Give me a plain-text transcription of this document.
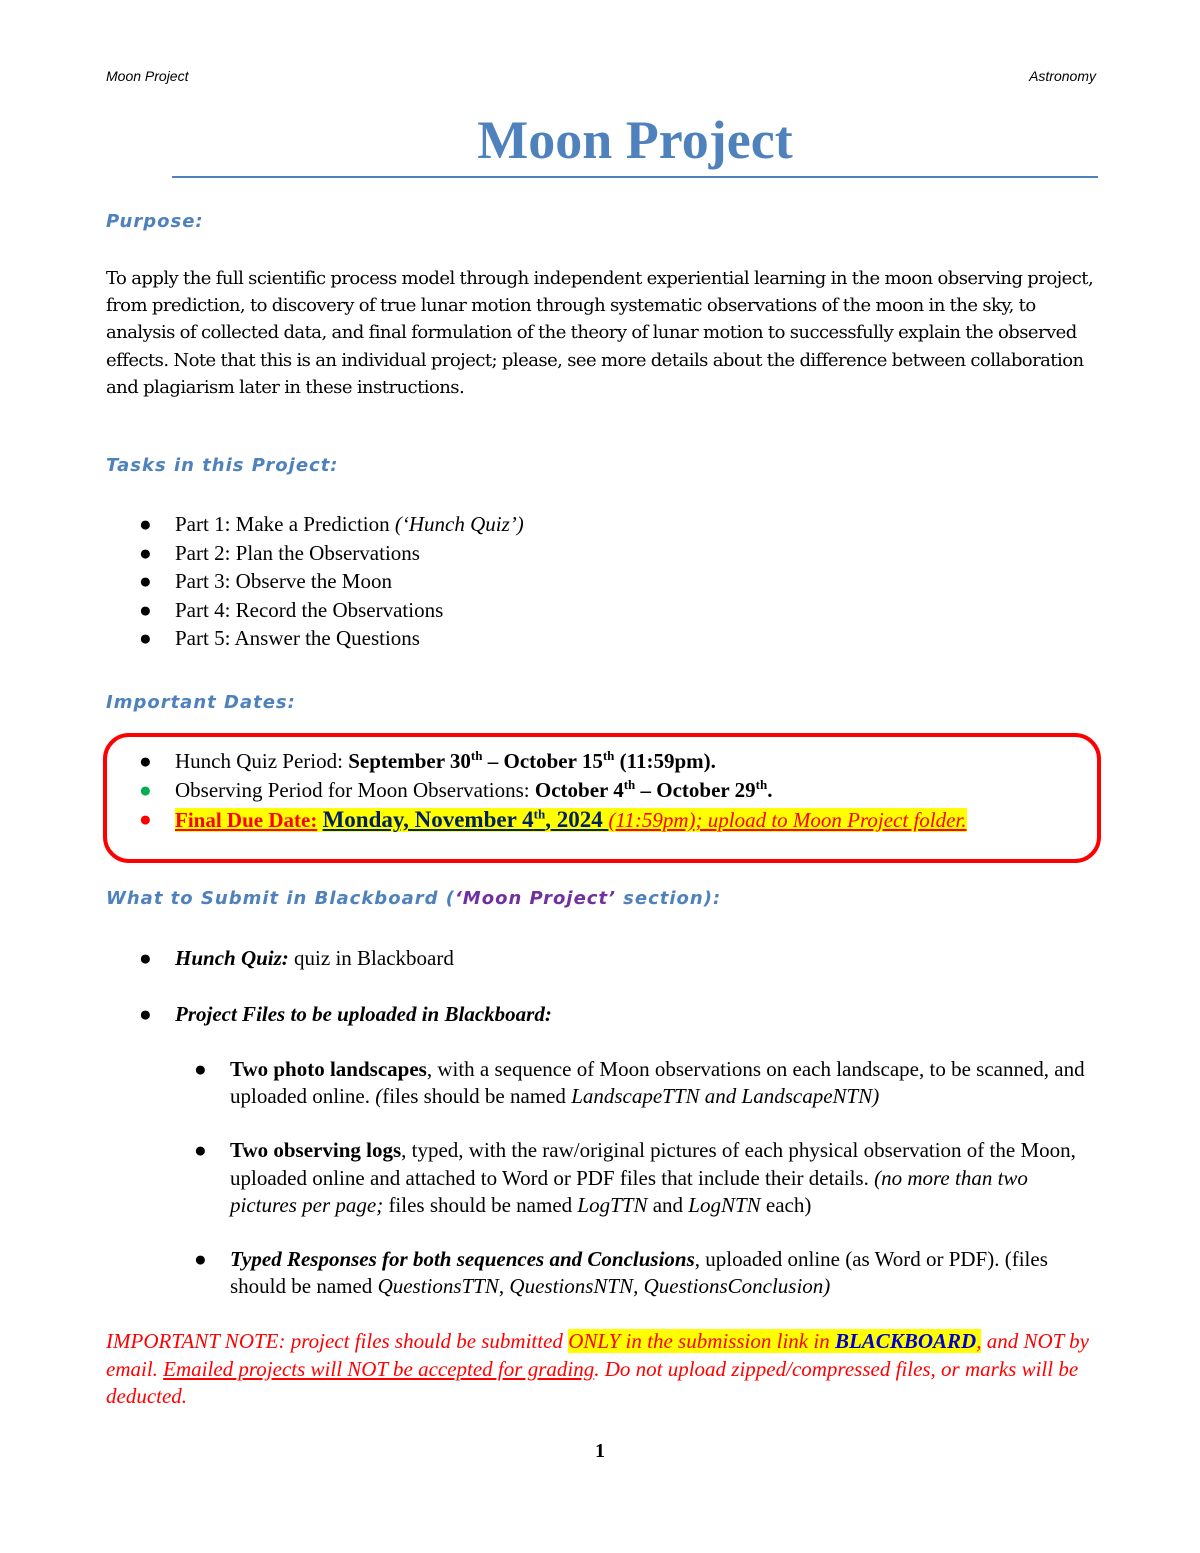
Moon Project	Astronomy
Moon Project
Purpose:
To apply the full scientific process model through independent experiential learning in the moon observing project, from prediction, to discovery of true lunar motion through systematic observations of the moon in the sky, to analysis of collected data, and final formulation of the theory of lunar motion to successfully explain the observed effects. Note that this is an individual project; please, see more details about the difference between collaboration and plagiarism later in these instructions.
Tasks in this Project:
● Part 1: Make a Prediction (‘Hunch Quiz’)
● Part 2: Plan the Observations
● Part 3: Observe the Moon
● Part 4: Record the Observations
● Part 5: Answer the Questions
Important Dates:
● Hunch Quiz Period: September 30th – October 15th (11:59pm).
● Observing Period for Moon Observations: October 4th – October 29th.
● Final Due Date: Monday, November 4th, 2024 (11:59pm); upload to Moon Project folder.
What to Submit in Blackboard (‘Moon Project’ section):
● Hunch Quiz: quiz in Blackboard
● Project Files to be uploaded in Blackboard:
● Two photo landscapes, with a sequence of Moon observations on each landscape, to be scanned, and uploaded online. (files should be named LandscapeTTN and LandscapeNTN)
● Two observing logs, typed, with the raw/original pictures of each physical observation of the Moon, uploaded online and attached to Word or PDF files that include their details. (no more than two pictures per page; files should be named LogTTN and LogNTN each)
● Typed Responses for both sequences and Conclusions, uploaded online (as Word or PDF). (files should be named QuestionsTTN, QuestionsNTN, QuestionsConclusion)
IMPORTANT NOTE: project files should be submitted ONLY in the submission link in BLACKBOARD, and NOT by email. Emailed projects will NOT be accepted for grading. Do not upload zipped/compressed files, or marks will be deducted.
1
